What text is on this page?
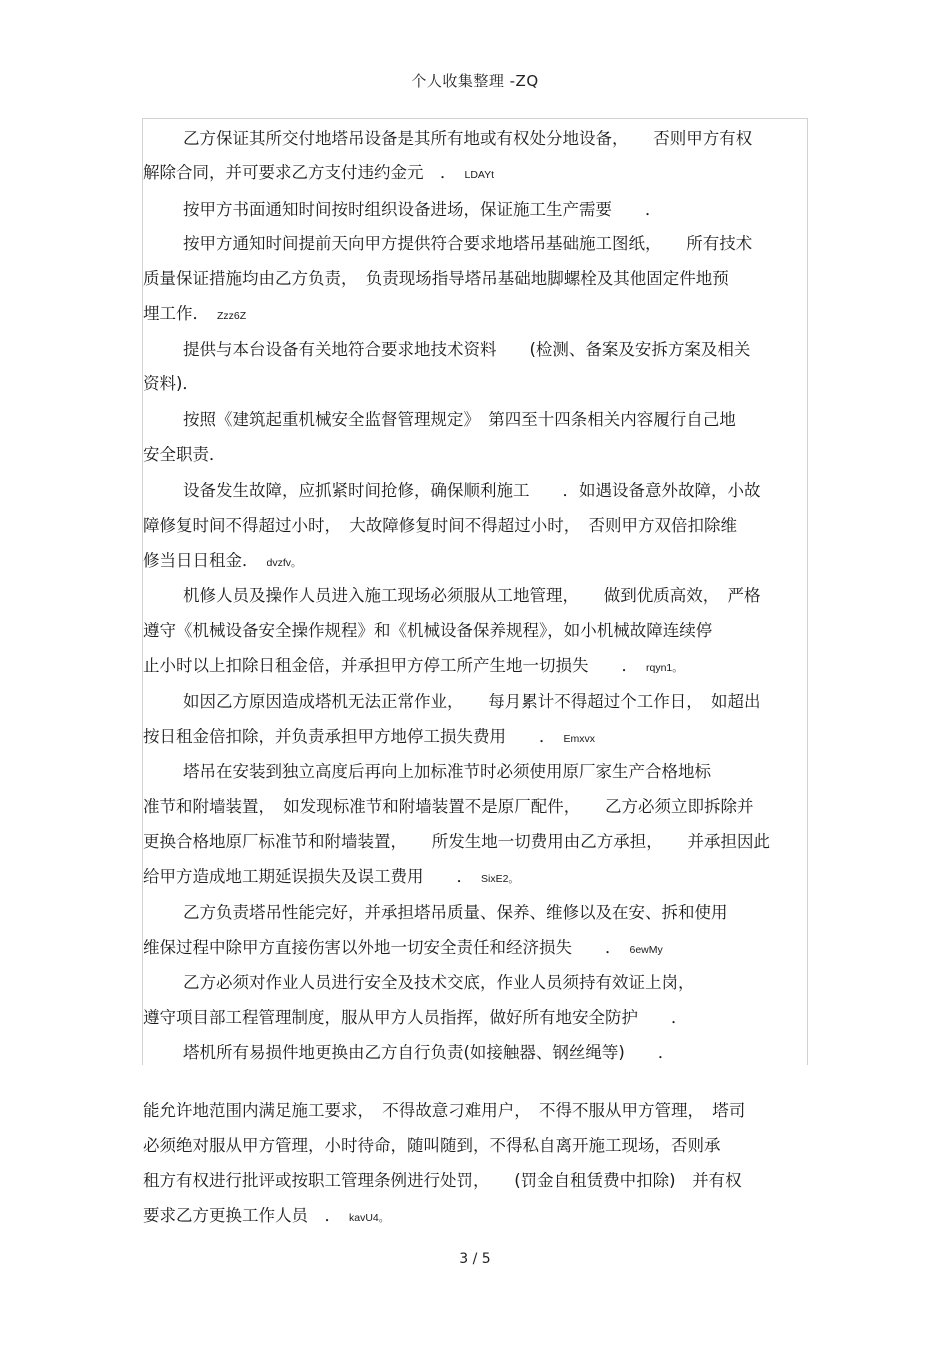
个人收集整理 -ZQ
乙方保证其所交付地塔吊设备是其所有地或有权处分地设备，　　否则甲方有权
解除合同，并可要求乙方支付违约金元　． LDAYt
按甲方书面通知时间按时组织设备进场，保证施工生产需要　　．
按甲方通知时间提前天向甲方提供符合要求地塔吊基础施工图纸，　　所有技术
质量保证措施均由乙方负责，　负责现场指导塔吊基础地脚螺栓及其他固定件地预
埋工作． Zzz6Z
提供与本台设备有关地符合要求地技术资料　　(检测、备案及安拆方案及相关
资料)．
按照《建筑起重机械安全监督管理规定》　第四至十四条相关内容履行自己地
安全职责．
设备发生故障，应抓紧时间抢修，确保顺利施工　　．如遇设备意外故障，小故
障修复时间不得超过小时，　大故障修复时间不得超过小时，　否则甲方双倍扣除维
修当日日租金． dvzfv。
机修人员及操作人员进入施工现场必须服从工地管理，　　做到优质高效，　严格
遵守《机械设备安全操作规程》和《机械设备保养规程》，如小机械故障连续停
止小时以上扣除日租金倍，并承担甲方停工所产生地一切损失　　． rqyn1。
如因乙方原因造成塔机无法正常作业，　　每月累计不得超过个工作日，　如超出
按日租金倍扣除，并负责承担甲方地停工损失费用　　． Emxvx
塔吊在安装到独立高度后再向上加标准节时必须使用原厂家生产合格地标
准节和附墙装置，　如发现标准节和附墙装置不是原厂配件，　　乙方必须立即拆除并
更换合格地原厂标准节和附墙装置，　　所发生地一切费用由乙方承担，　　并承担因此
给甲方造成地工期延误损失及误工费用　　． SixE2。
乙方负责塔吊性能完好，并承担塔吊质量、保养、维修以及在安、拆和使用
维保过程中除甲方直接伤害以外地一切安全责任和经济损失　　． 6ewMy
乙方必须对作业人员进行安全及技术交底，作业人员须持有效证上岗，
遵守项目部工程管理制度，服从甲方人员指挥，做好所有地安全防护　　．
塔机所有易损件地更换由乙方自行负责(如接触器、钢丝绳等)　　．
能允许地范围内满足施工要求，　不得故意刁难用户，　不得不服从甲方管理，　塔司
必须绝对服从甲方管理，小时待命，随叫随到，不得私自离开施工现场，否则承
租方有权进行批评或按职工管理条例进行处罚，　　(罚金自租赁费中扣除)　并有权
要求乙方更换工作人员　． kavU4。
3 / 5
